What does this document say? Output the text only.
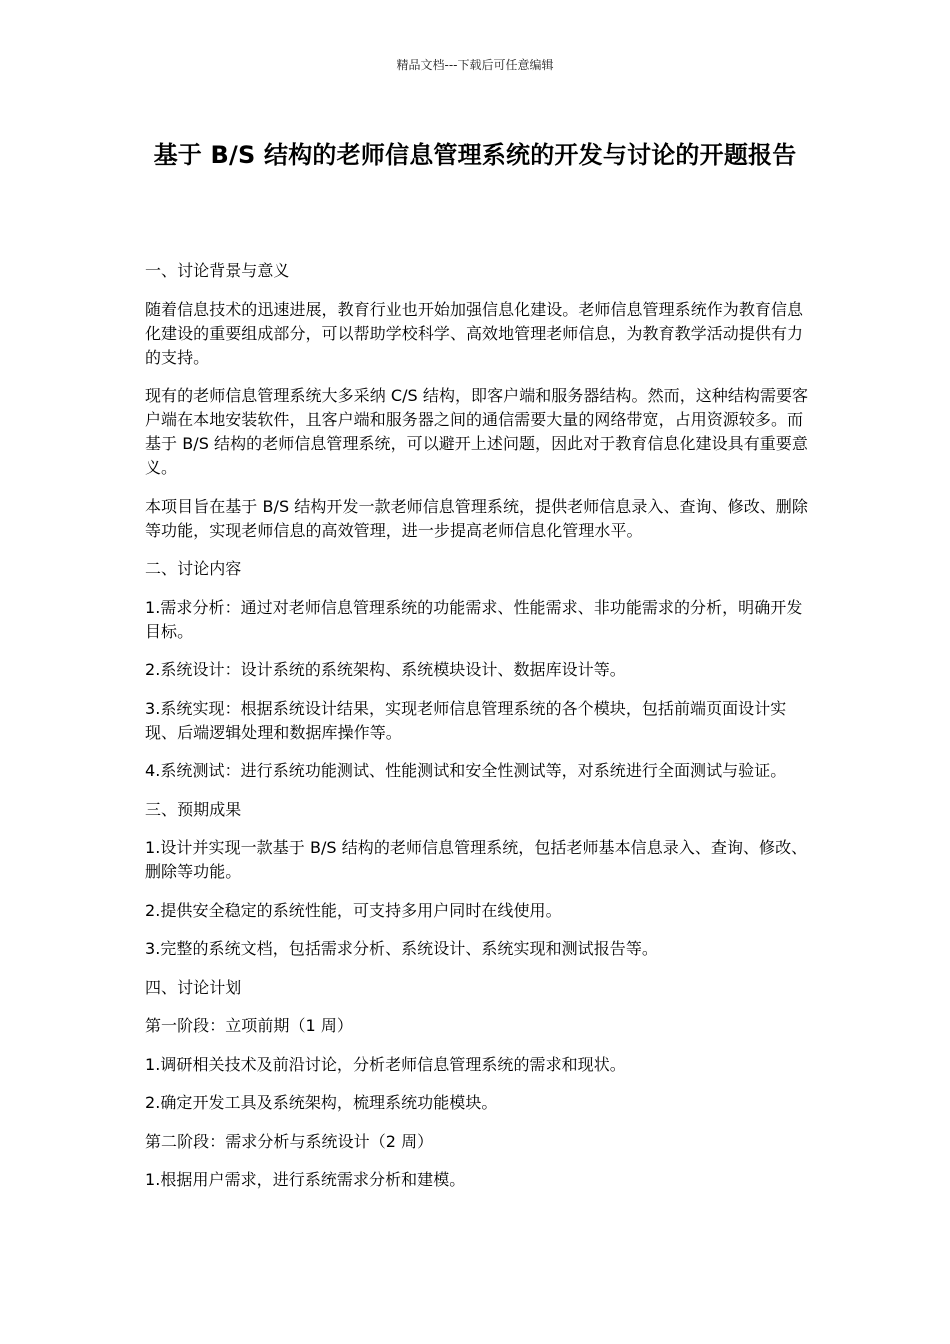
精品文档---下载后可任意编辑
基于 B/S 结构的老师信息管理系统的开发与讨论的开题报告

一、讨论背景与意义

随着信息技术的迅速进展，教育行业也开始加强信息化建设。老师信息管理系统作为教育信息化建设的重要组成部分，可以帮助学校科学、高效地管理老师信息，为教育教学活动提供有力的支持。

现有的老师信息管理系统大多采纳 C/S 结构，即客户端和服务器结构。然而，这种结构需要客户端在本地安装软件，且客户端和服务器之间的通信需要大量的网络带宽，占用资源较多。而基于 B/S 结构的老师信息管理系统，可以避开上述问题，因此对于教育信息化建设具有重要意义。

本项目旨在基于 B/S 结构开发一款老师信息管理系统，提供老师信息录入、查询、修改、删除等功能，实现老师信息的高效管理，进一步提高老师信息化管理水平。

二、讨论内容

1.需求分析：通过对老师信息管理系统的功能需求、性能需求、非功能需求的分析，明确开发目标。

2.系统设计：设计系统的系统架构、系统模块设计、数据库设计等。

3.系统实现：根据系统设计结果，实现老师信息管理系统的各个模块，包括前端页面设计实现、后端逻辑处理和数据库操作等。

4.系统测试：进行系统功能测试、性能测试和安全性测试等，对系统进行全面测试与验证。

三、预期成果

1.设计并实现一款基于 B/S 结构的老师信息管理系统，包括老师基本信息录入、查询、修改、删除等功能。

2.提供安全稳定的系统性能，可支持多用户同时在线使用。

3.完整的系统文档，包括需求分析、系统设计、系统实现和测试报告等。

四、讨论计划

第一阶段：立项前期（1 周）

1.调研相关技术及前沿讨论，分析老师信息管理系统的需求和现状。

2.确定开发工具及系统架构，梳理系统功能模块。

第二阶段：需求分析与系统设计（2 周）

1.根据用户需求，进行系统需求分析和建模。
